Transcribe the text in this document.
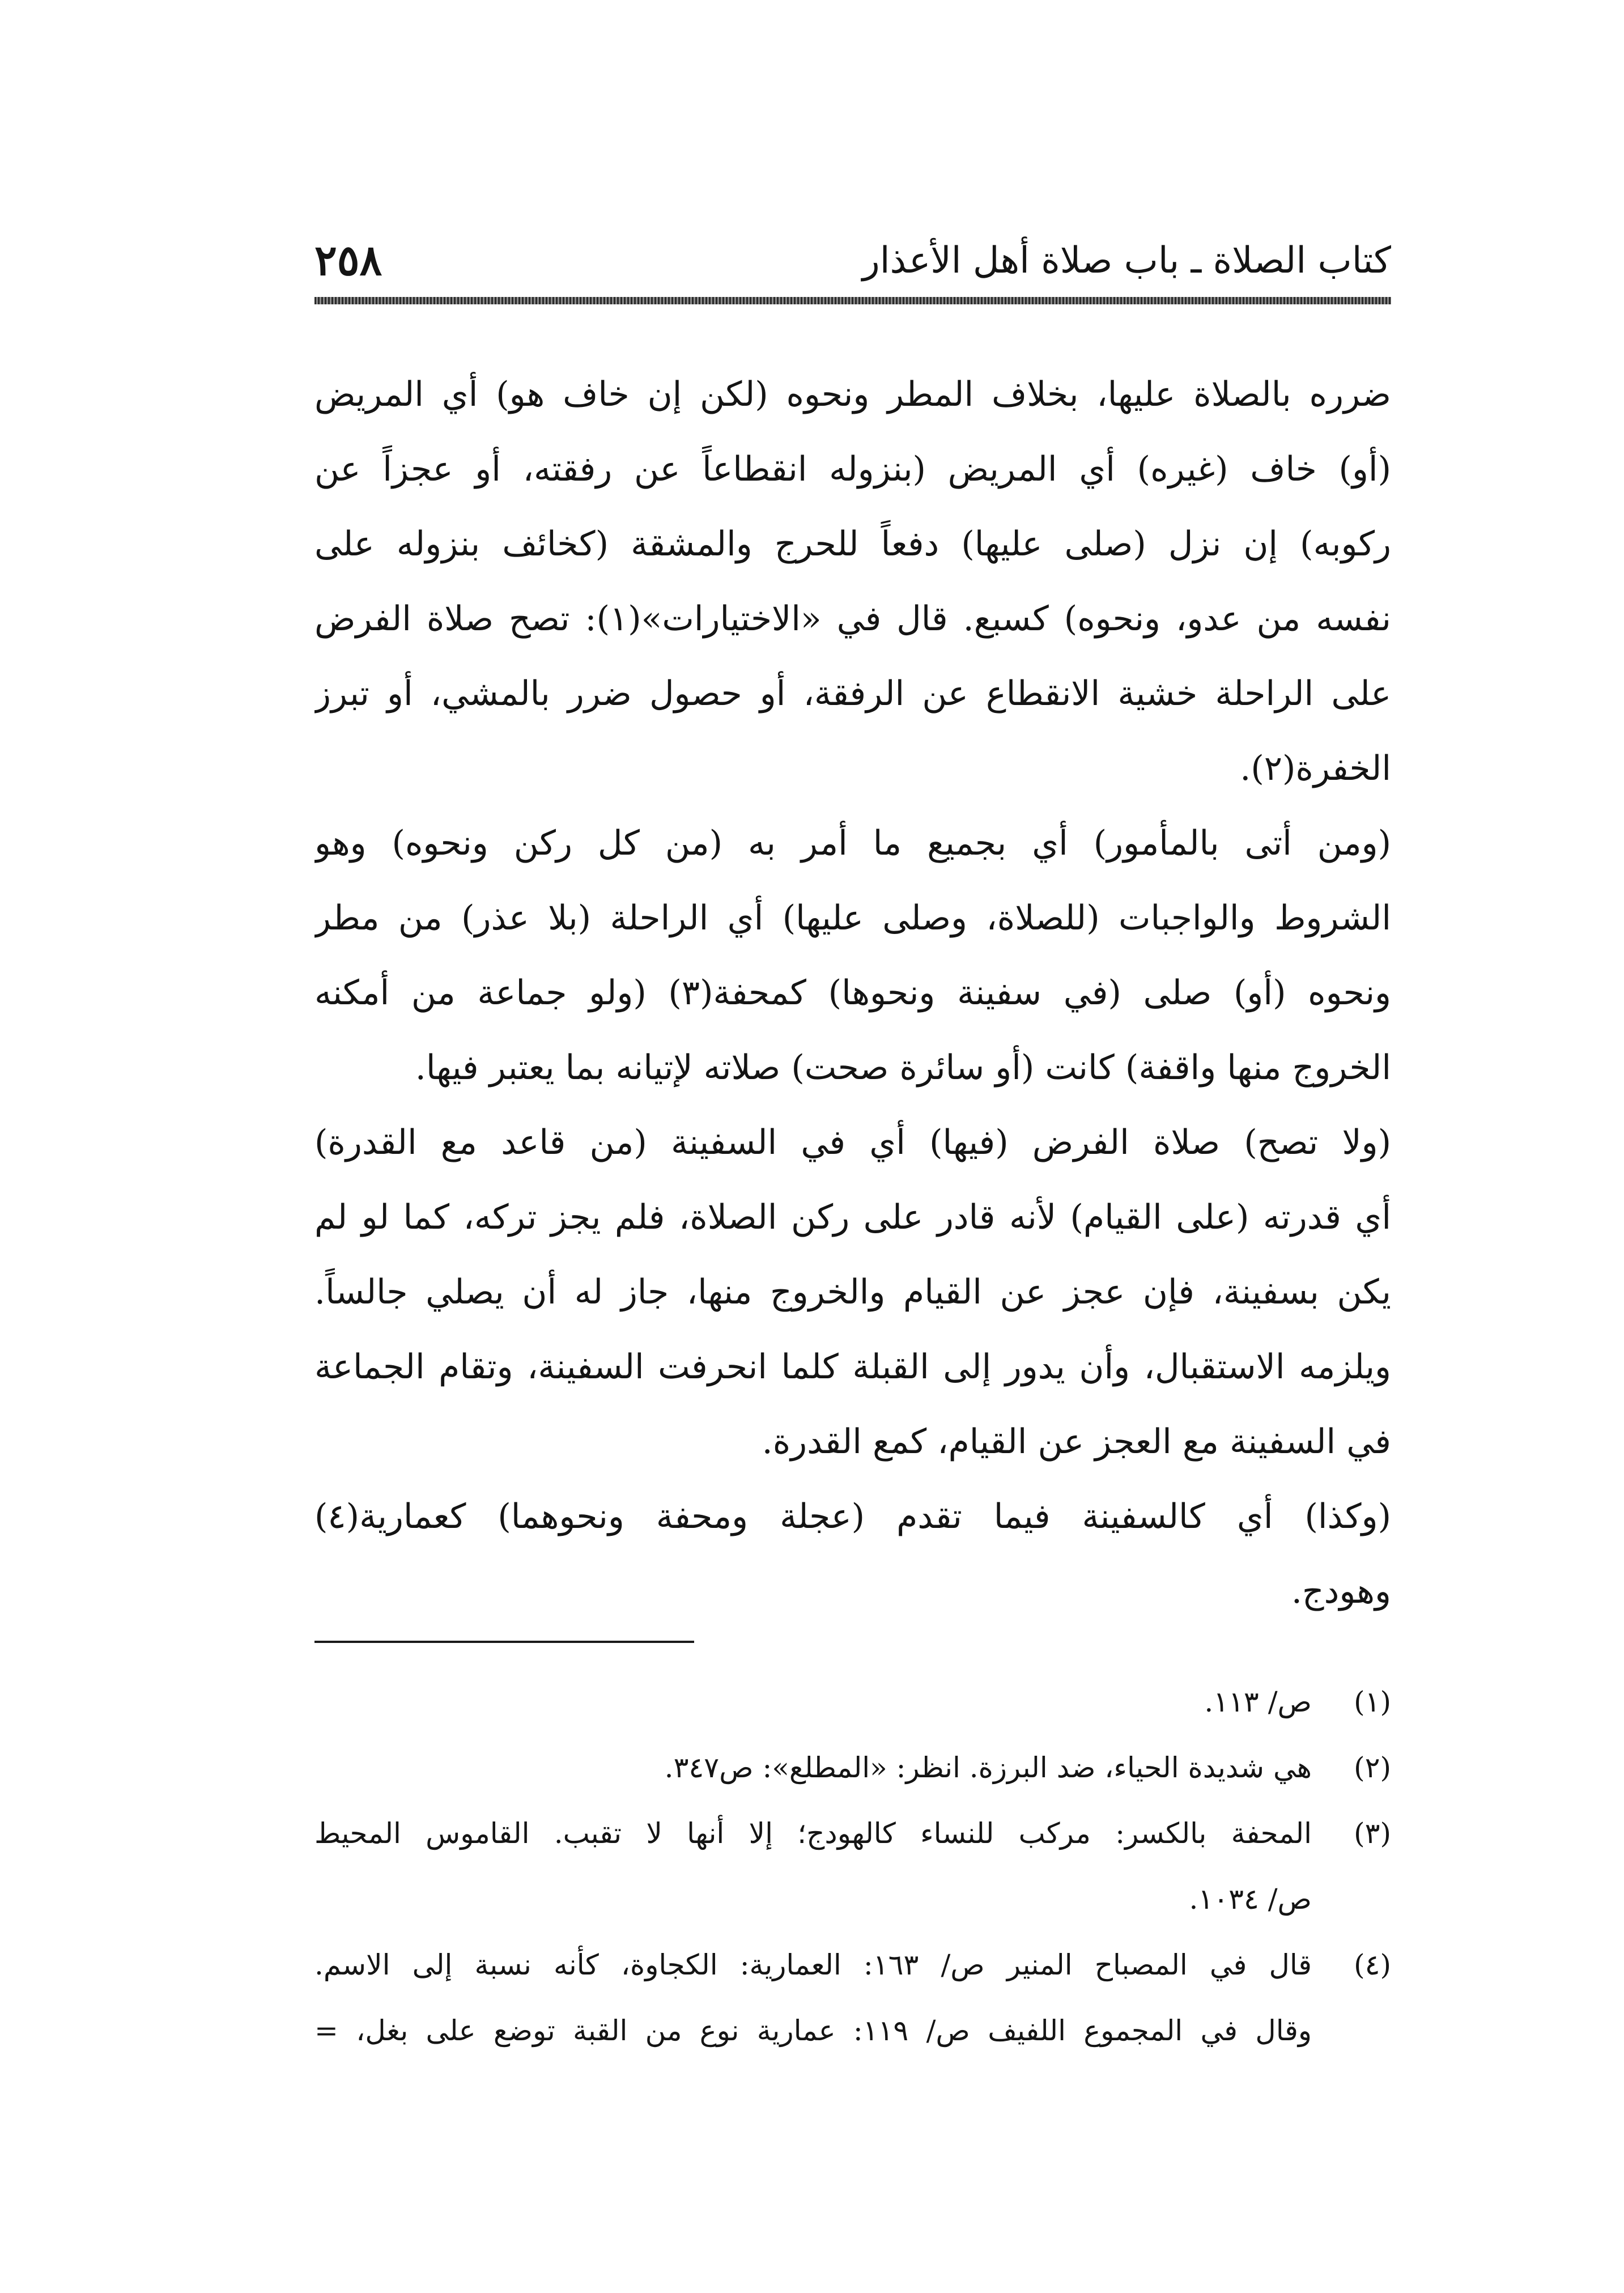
كتاب الصلاة ـ باب صلاة أهل الأعذار
٢٥٨
ضرره بالصلاة عليها، بخلاف المطر ونحوه (لكن إن خاف هو) أي المريض
(أو) خاف (غيره) أي المريض (بنزوله انقطاعاً عن رفقته، أو عجزاً عن
ركوبه) إن نزل (صلى عليها) دفعاً للحرج والمشقة (كخائف بنزوله على
نفسه من عدو، ونحوه) كسبع. قال في «الاختيارات»(١): تصح صلاة الفرض
على الراحلة خشية الانقطاع عن الرفقة، أو حصول ضرر بالمشي، أو تبرز
الخفرة(٢).
(ومن أتى بالمأمور) أي بجميع ما أمر به (من كل ركن ونحوه) وهو
الشروط والواجبات (للصلاة، وصلى عليها) أي الراحلة (بلا عذر) من مطر
ونحوه (أو) صلى (في سفينة ونحوها) كمحفة(٣) (ولو جماعة من أمكنه
الخروج منها واقفة) كانت (أو سائرة صحت) صلاته لإتيانه بما يعتبر فيها.
(ولا تصح) صلاة الفرض (فيها) أي في السفينة (من قاعد مع القدرة)
أي قدرته (على القيام) لأنه قادر على ركن الصلاة، فلم يجز تركه، كما لو لم
يكن بسفينة، فإن عجز عن القيام والخروج منها، جاز له أن يصلي جالساً.
ويلزمه الاستقبال، وأن يدور إلى القبلة كلما انحرفت السفينة، وتقام الجماعة
في السفينة مع العجز عن القيام، كمع القدرة.
(وكذا) أي كالسفينة فيما تقدم (عجلة ومحفة ونحوهما) كعمارية(٤)
وهودج.
(١)
ص/ ١١٣.
(٢)
هي شديدة الحياء، ضد البرزة. انظر: «المطلع»: ص٣٤٧.
(٣)
المحفة بالكسر: مركب للنساء كالهودج؛ إلا أنها لا تقبب. القاموس المحيط
ص/ ١٠٣٤.
(٤)
قال في المصباح المنير ص/ ١٦٣: العمارية: الكجاوة، كأنه نسبة إلى الاسم.
وقال في المجموع اللفيف ص/ ١١٩: عمارية نوع من القبة توضع على بغل، =
